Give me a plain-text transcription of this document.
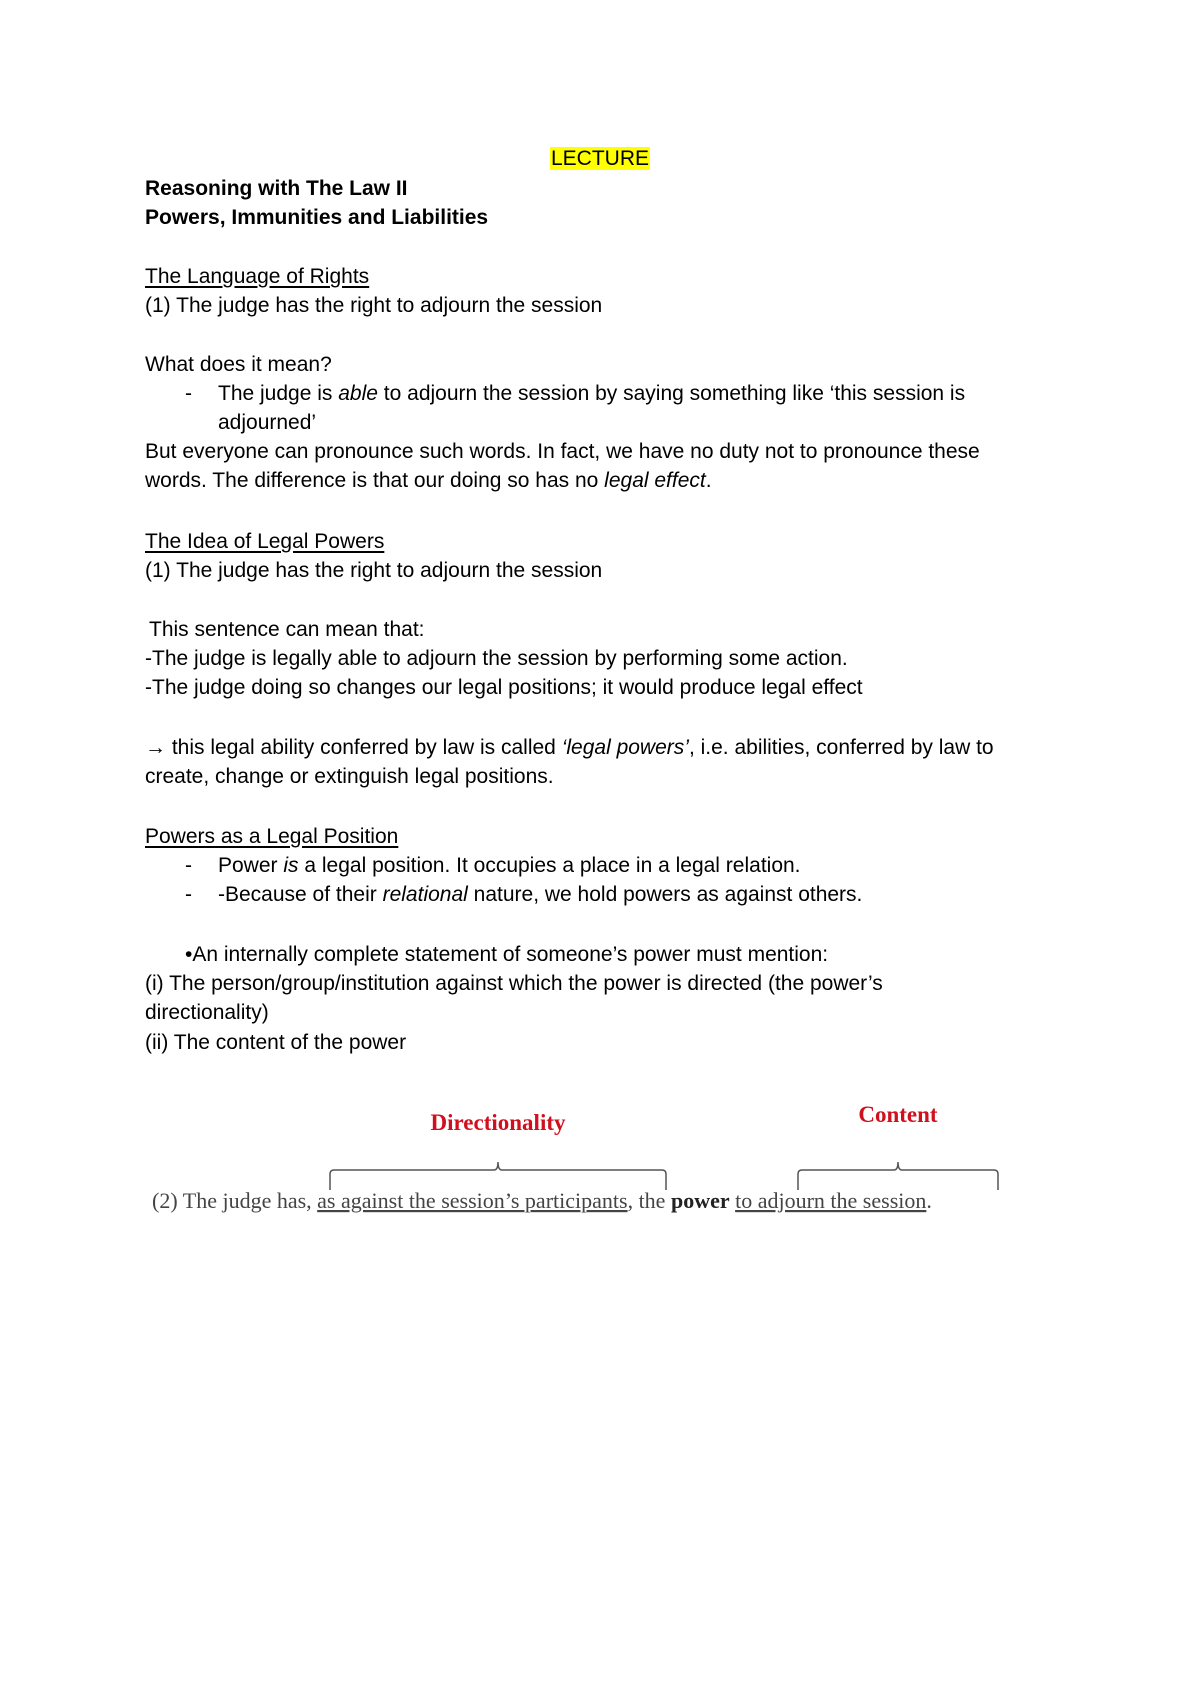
LECTURE
Reasoning with The Law II
Powers, Immunities and Liabilities
The Language of Rights
(1) The judge has the right to adjourn the session
What does it mean?
- The judge is able to adjourn the session by saying something like ‘this session is
adjourned’
But everyone can pronounce such words. In fact, we have no duty not to pronounce these
words. The difference is that our doing so has no legal effect.
The Idea of Legal Powers
(1) The judge has the right to adjourn the session
This sentence can mean that:
-The judge is legally able to adjourn the session by performing some action.
-The judge doing so changes our legal positions; it would produce legal effect
→ this legal ability conferred by law is called ‘legal powers’, i.e. abilities, conferred by law to
create, change or extinguish legal positions.
Powers as a Legal Position
- Power is a legal position. It occupies a place in a legal relation.
- -Because of their relational nature, we hold powers as against others.
•An internally complete statement of someone’s power must mention:
(i) The person/group/institution against which the power is directed (the power’s
directionality)
(ii) The content of the power
Directionality	Content
(2) The judge has, as against the session’s participants, the power to adjourn the session.
